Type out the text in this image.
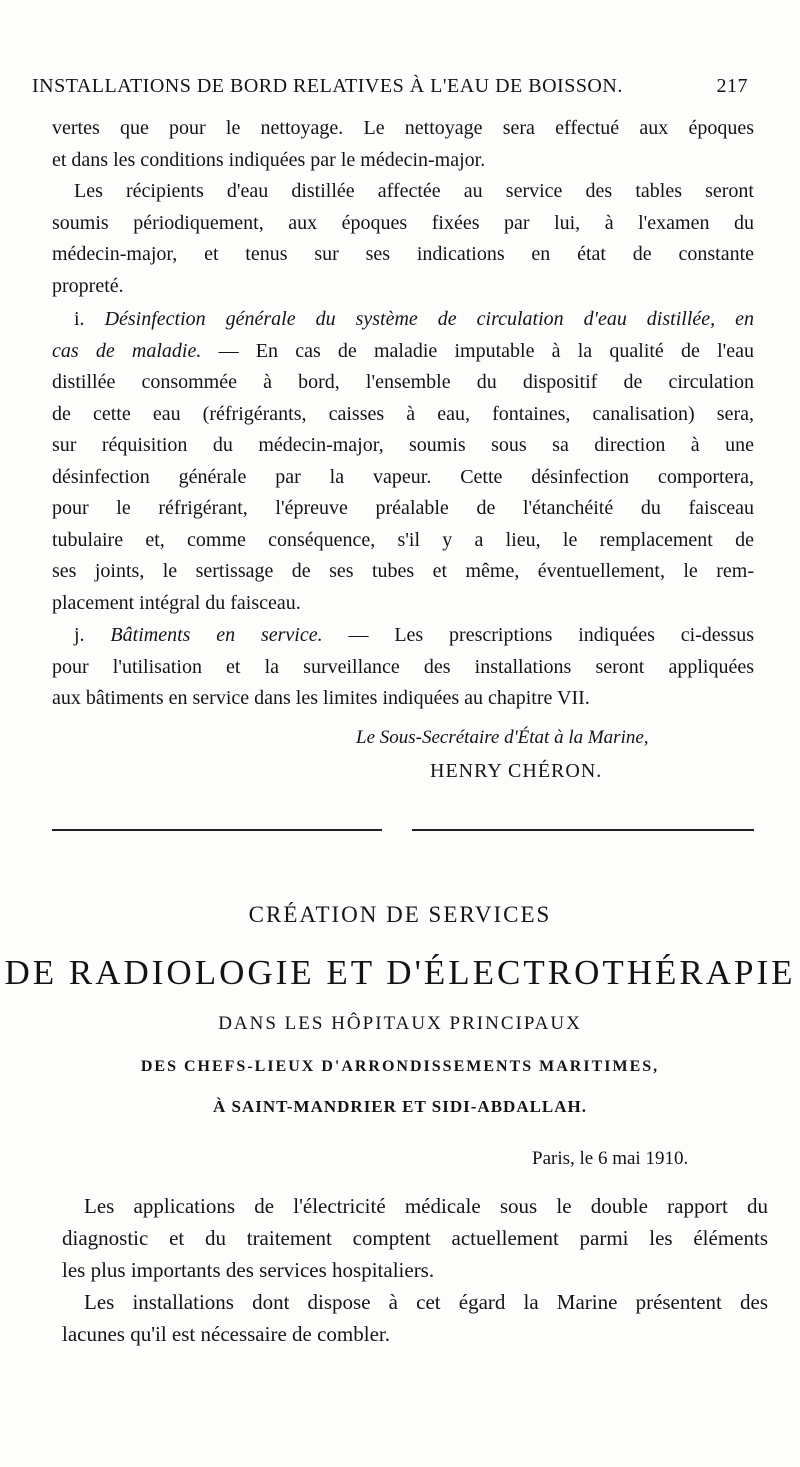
INSTALLATIONS DE BORD RELATIVES À L'EAU DE BOISSON.	217
vertes que pour le nettoyage. Le nettoyage sera effectué aux époques
et dans les conditions indiquées par le médecin-major.
Les récipients d'eau distillée affectée au service des tables seront
soumis périodiquement, aux époques fixées par lui, à l'examen du
médecin-major, et tenus sur ses indications en état de constante
propreté.
i. Désinfection générale du système de circulation d'eau distillée, en
cas de maladie. — En cas de maladie imputable à la qualité de l'eau
distillée consommée à bord, l'ensemble du dispositif de circulation
de cette eau (réfrigérants, caisses à eau, fontaines, canalisation) sera,
sur réquisition du médecin-major, soumis sous sa direction à une
désinfection générale par la vapeur. Cette désinfection comportera,
pour le réfrigérant, l'épreuve préalable de l'étanchéité du faisceau
tubulaire et, comme conséquence, s'il y a lieu, le remplacement de
ses joints, le sertissage de ses tubes et même, éventuellement, le rem-
placement intégral du faisceau.
j. Bâtiments en service. — Les prescriptions indiquées ci-dessus
pour l'utilisation et la surveillance des installations seront appliquées
aux bâtiments en service dans les limites indiquées au chapitre VII.
Le Sous-Secrétaire d'État à la Marine,
HENRY CHÉRON.
CRÉATION DE SERVICES
DE RADIOLOGIE ET D'ÉLECTROTHÉRAPIE
DANS LES HÔPITAUX PRINCIPAUX
DES CHEFS-LIEUX D'ARRONDISSEMENTS MARITIMES,
À SAINT-MANDRIER ET SIDI-ABDALLAH.
Paris, le 6 mai 1910.
Les applications de l'électricité médicale sous le double rapport du
diagnostic et du traitement comptent actuellement parmi les éléments
les plus importants des services hospitaliers.
Les installations dont dispose à cet égard la Marine présentent des
lacunes qu'il est nécessaire de combler.
